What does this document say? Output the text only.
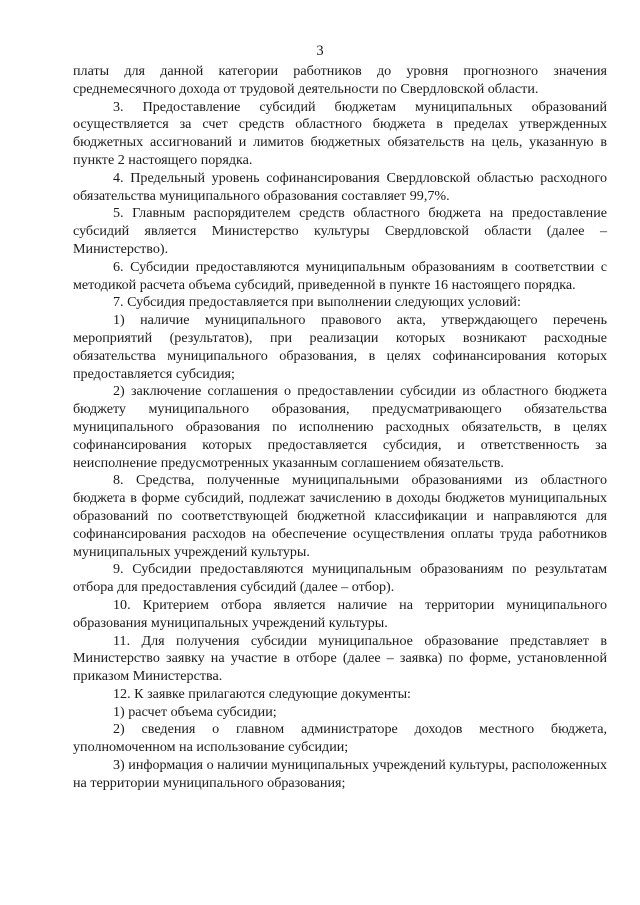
3

платы для данной категории работников до уровня прогнозного значения среднемесячного дохода от трудовой деятельности по Свердловской области.

3. Предоставление субсидий бюджетам муниципальных образований осуществляется за счет средств областного бюджета в пределах утвержденных бюджетных ассигнований и лимитов бюджетных обязательств на цель, указанную в пункте 2 настоящего порядка.

4. Предельный уровень софинансирования Свердловской областью расходного обязательства муниципального образования составляет 99,7%.

5. Главным распорядителем средств областного бюджета на предоставление субсидий является Министерство культуры Свердловской области (далее – Министерство).

6. Субсидии предоставляются муниципальным образованиям в соответствии с методикой расчета объема субсидий, приведенной в пункте 16 настоящего порядка.

7. Субсидия предоставляется при выполнении следующих условий:

1) наличие муниципального правового акта, утверждающего перечень мероприятий (результатов), при реализации которых возникают расходные обязательства муниципального образования, в целях софинансирования которых предоставляется субсидия;

2) заключение соглашения о предоставлении субсидии из областного бюджета бюджету муниципального образования, предусматривающего обязательства муниципального образования по исполнению расходных обязательств, в целях софинансирования которых предоставляется субсидия, и ответственность за неисполнение предусмотренных указанным соглашением обязательств.

8. Средства, полученные муниципальными образованиями из областного бюджета в форме субсидий, подлежат зачислению в доходы бюджетов муниципальных образований по соответствующей бюджетной классификации и направляются для софинансирования расходов на обеспечение осуществления оплаты труда работников муниципальных учреждений культуры.

9. Субсидии предоставляются муниципальным образованиям по результатам отбора для предоставления субсидий (далее – отбор).

10. Критерием отбора является наличие на территории муниципального образования муниципальных учреждений культуры.

11. Для получения субсидии муниципальное образование представляет в Министерство заявку на участие в отборе (далее – заявка) по форме, установленной приказом Министерства.

12. К заявке прилагаются следующие документы:

1) расчет объема субсидии;

2) сведения о главном администраторе доходов местного бюджета, уполномоченном на использование субсидии;

3) информация о наличии муниципальных учреждений культуры, расположенных на территории муниципального образования;
